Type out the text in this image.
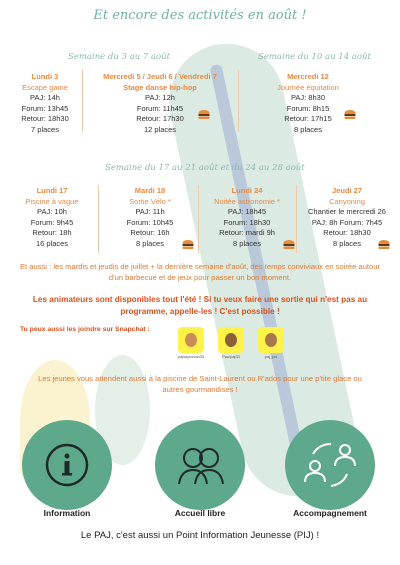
Et encore des activités en août !
Semaine du 3 au 7 août	Semaine du 10 au 14 août
Semaine du 17 au 21 août et du 24 au 28 août
Lundi 3
Escape game
PAJ: 14h
Forum: 13h45
Retour: 18h30
7 places
Mercredi 5 / Jeudi 6 / Vendredi 7
Stage danse hip-hop
PAJ: 12h
Forum: 11h45
Retour: 17h30
12 places
Mercredi 12
Journée équitation
PAJ: 8h30
Forum: 8h15
Retour: 17h15
8 places
Lundi 17
Piscine à vague
PAJ: 10h
Forum: 9h45
Retour: 18h
16 places
Mardi 18
Sortie Vélo *
PAJ: 11h
Forum: 10h45
Retour: 16h
8 places
Lundi 24
Nuitée astronomie *
PAJ: 18h45
Forum: 18h30
Retour: mardi 9h
8 places
Jeudi 27
Canyoning
Chantier le mercredi 26
PAJ: 8h Forum: 7h45
Retour: 18h30
8 places
Et aussi : les mardis et jeudis de juillet + la dernière semaine d'août, des temps conviviaux en soirée autour d'un barbecue et de jeux pour passer un bon moment.
Les animateurs sont disponibles tout l'été ! Si tu veux faire une sortie qui n'est pas au programme, appelle-les ! C'est possible !
Tu peux aussi les joindre sur Snapchat :
pajsaprovan33	Paulpaj33	paj_jos
Les jeunes vous attendent aussi à la piscine de Saint-Laurent ou R'ados pour une p'tite glace ou autres gourmandises !
Information	Accueil libre	Accompagnement
Le PAJ, c'est aussi un Point Information Jeunesse (PIJ) !
